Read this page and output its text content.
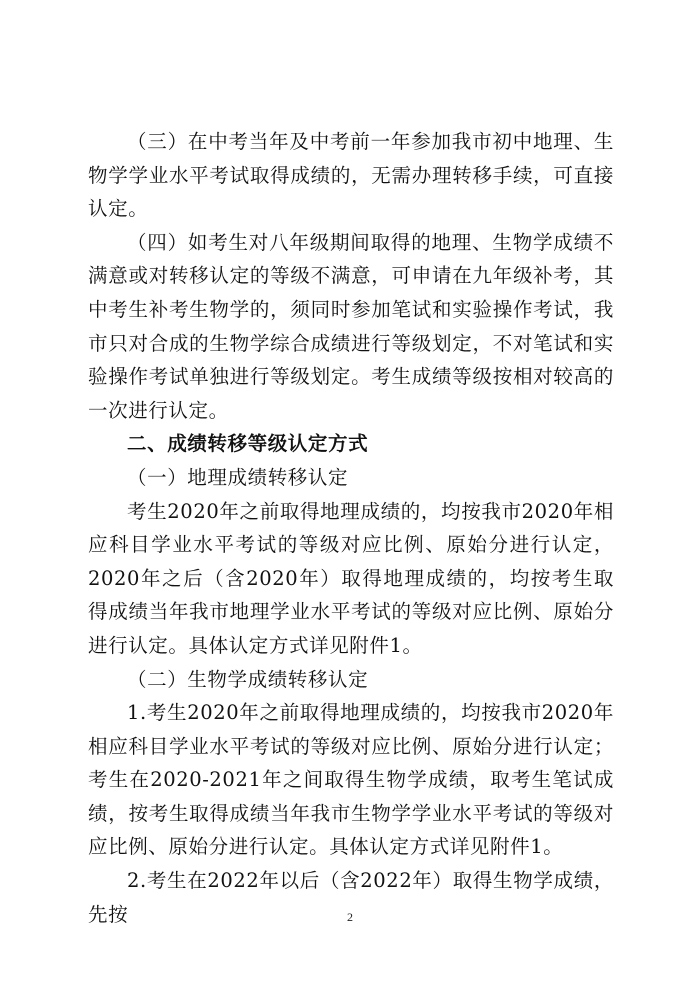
（三）在中考当年及中考前一年参加我市初中地理、生物学学业水平考试取得成绩的，无需办理转移手续，可直接认定。

（四）如考生对八年级期间取得的地理、生物学成绩不满意或对转移认定的等级不满意，可申请在九年级补考，其中考生补考生物学的，须同时参加笔试和实验操作考试，我市只对合成的生物学综合成绩进行等级划定，不对笔试和实验操作考试单独进行等级划定。考生成绩等级按相对较高的一次进行认定。

二、成绩转移等级认定方式

（一）地理成绩转移认定

考生2020年之前取得地理成绩的，均按我市2020年相应科目学业水平考试的等级对应比例、原始分进行认定，2020年之后（含2020年）取得地理成绩的，均按考生取得成绩当年我市地理学业水平考试的等级对应比例、原始分进行认定。具体认定方式详见附件1。

（二）生物学成绩转移认定

1.考生2020年之前取得地理成绩的，均按我市2020年相应科目学业水平考试的等级对应比例、原始分进行认定；考生在2020-2021年之间取得生物学成绩，取考生笔试成绩，按考生取得成绩当年我市生物学学业水平考试的等级对应比例、原始分进行认定。具体认定方式详见附件1。

2.考生在2022年以后（含2022年）取得生物学成绩，先按	2
